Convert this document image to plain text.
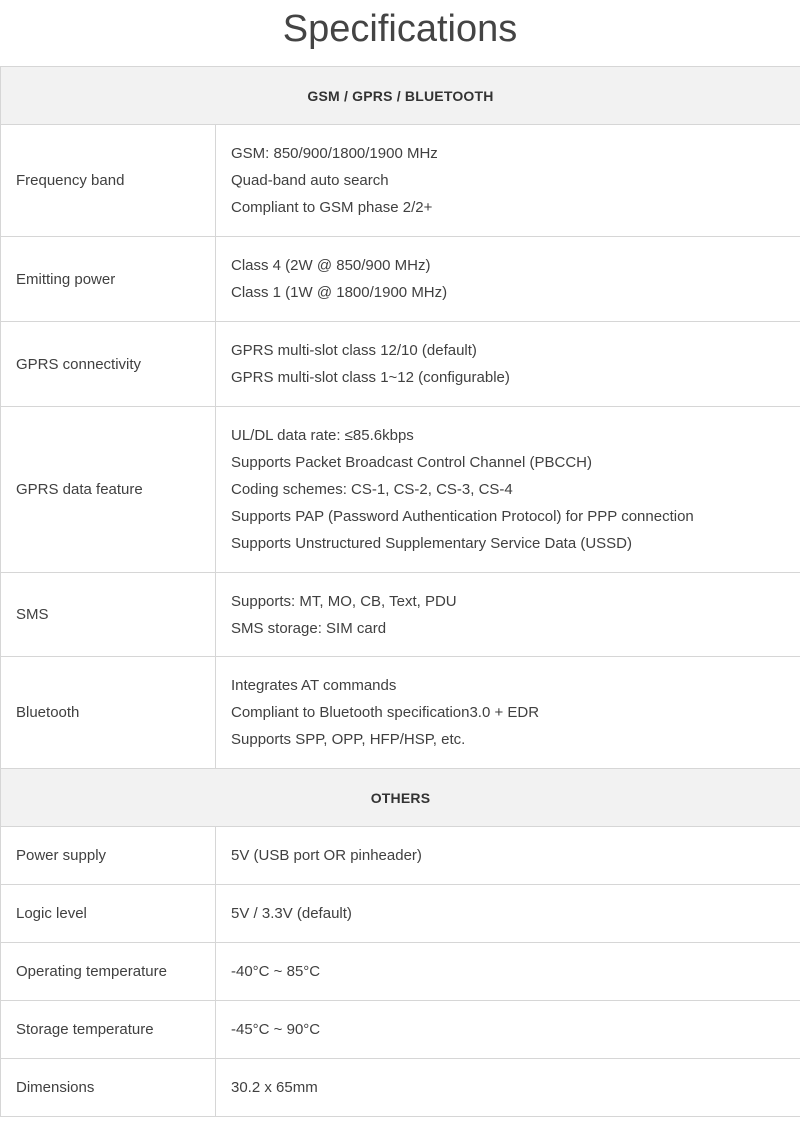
Specifications
GSM / GPRS / BLUETOOTH	
Frequency band	GSM: 850/900/1800/1900 MHz
Quad-band auto search
Compliant to GSM phase 2/2+

Emitting power	Class 4 (2W @ 850/900 MHz)
Class 1 (1W @ 1800/1900 MHz)

GPRS connectivity	GPRS multi-slot class 12/10 (default)
GPRS multi-slot class 1~12 (configurable)

GPRS data feature	UL/DL data rate: ≤85.6kbps
Supports Packet Broadcast Control Channel (PBCCH)
Coding schemes: CS-1, CS-2, CS-3, CS-4
Supports PAP (Password Authentication Protocol) for PPP connection
Supports Unstructured Supplementary Service Data (USSD)

SMS	Supports: MT, MO, CB, Text, PDU
SMS storage: SIM card

Bluetooth	Integrates AT commands
Compliant to Bluetooth specification3.0 + EDR
Supports SPP, OPP, HFP/HSP, etc.

OTHERS	
Power supply	5V (USB port OR pinheader)

Logic level	5V / 3.3V (default)

Operating temperature	-40°C ~ 85°C

Storage temperature	-45°C ~ 90°C

Dimensions	30.2 x 65mm
